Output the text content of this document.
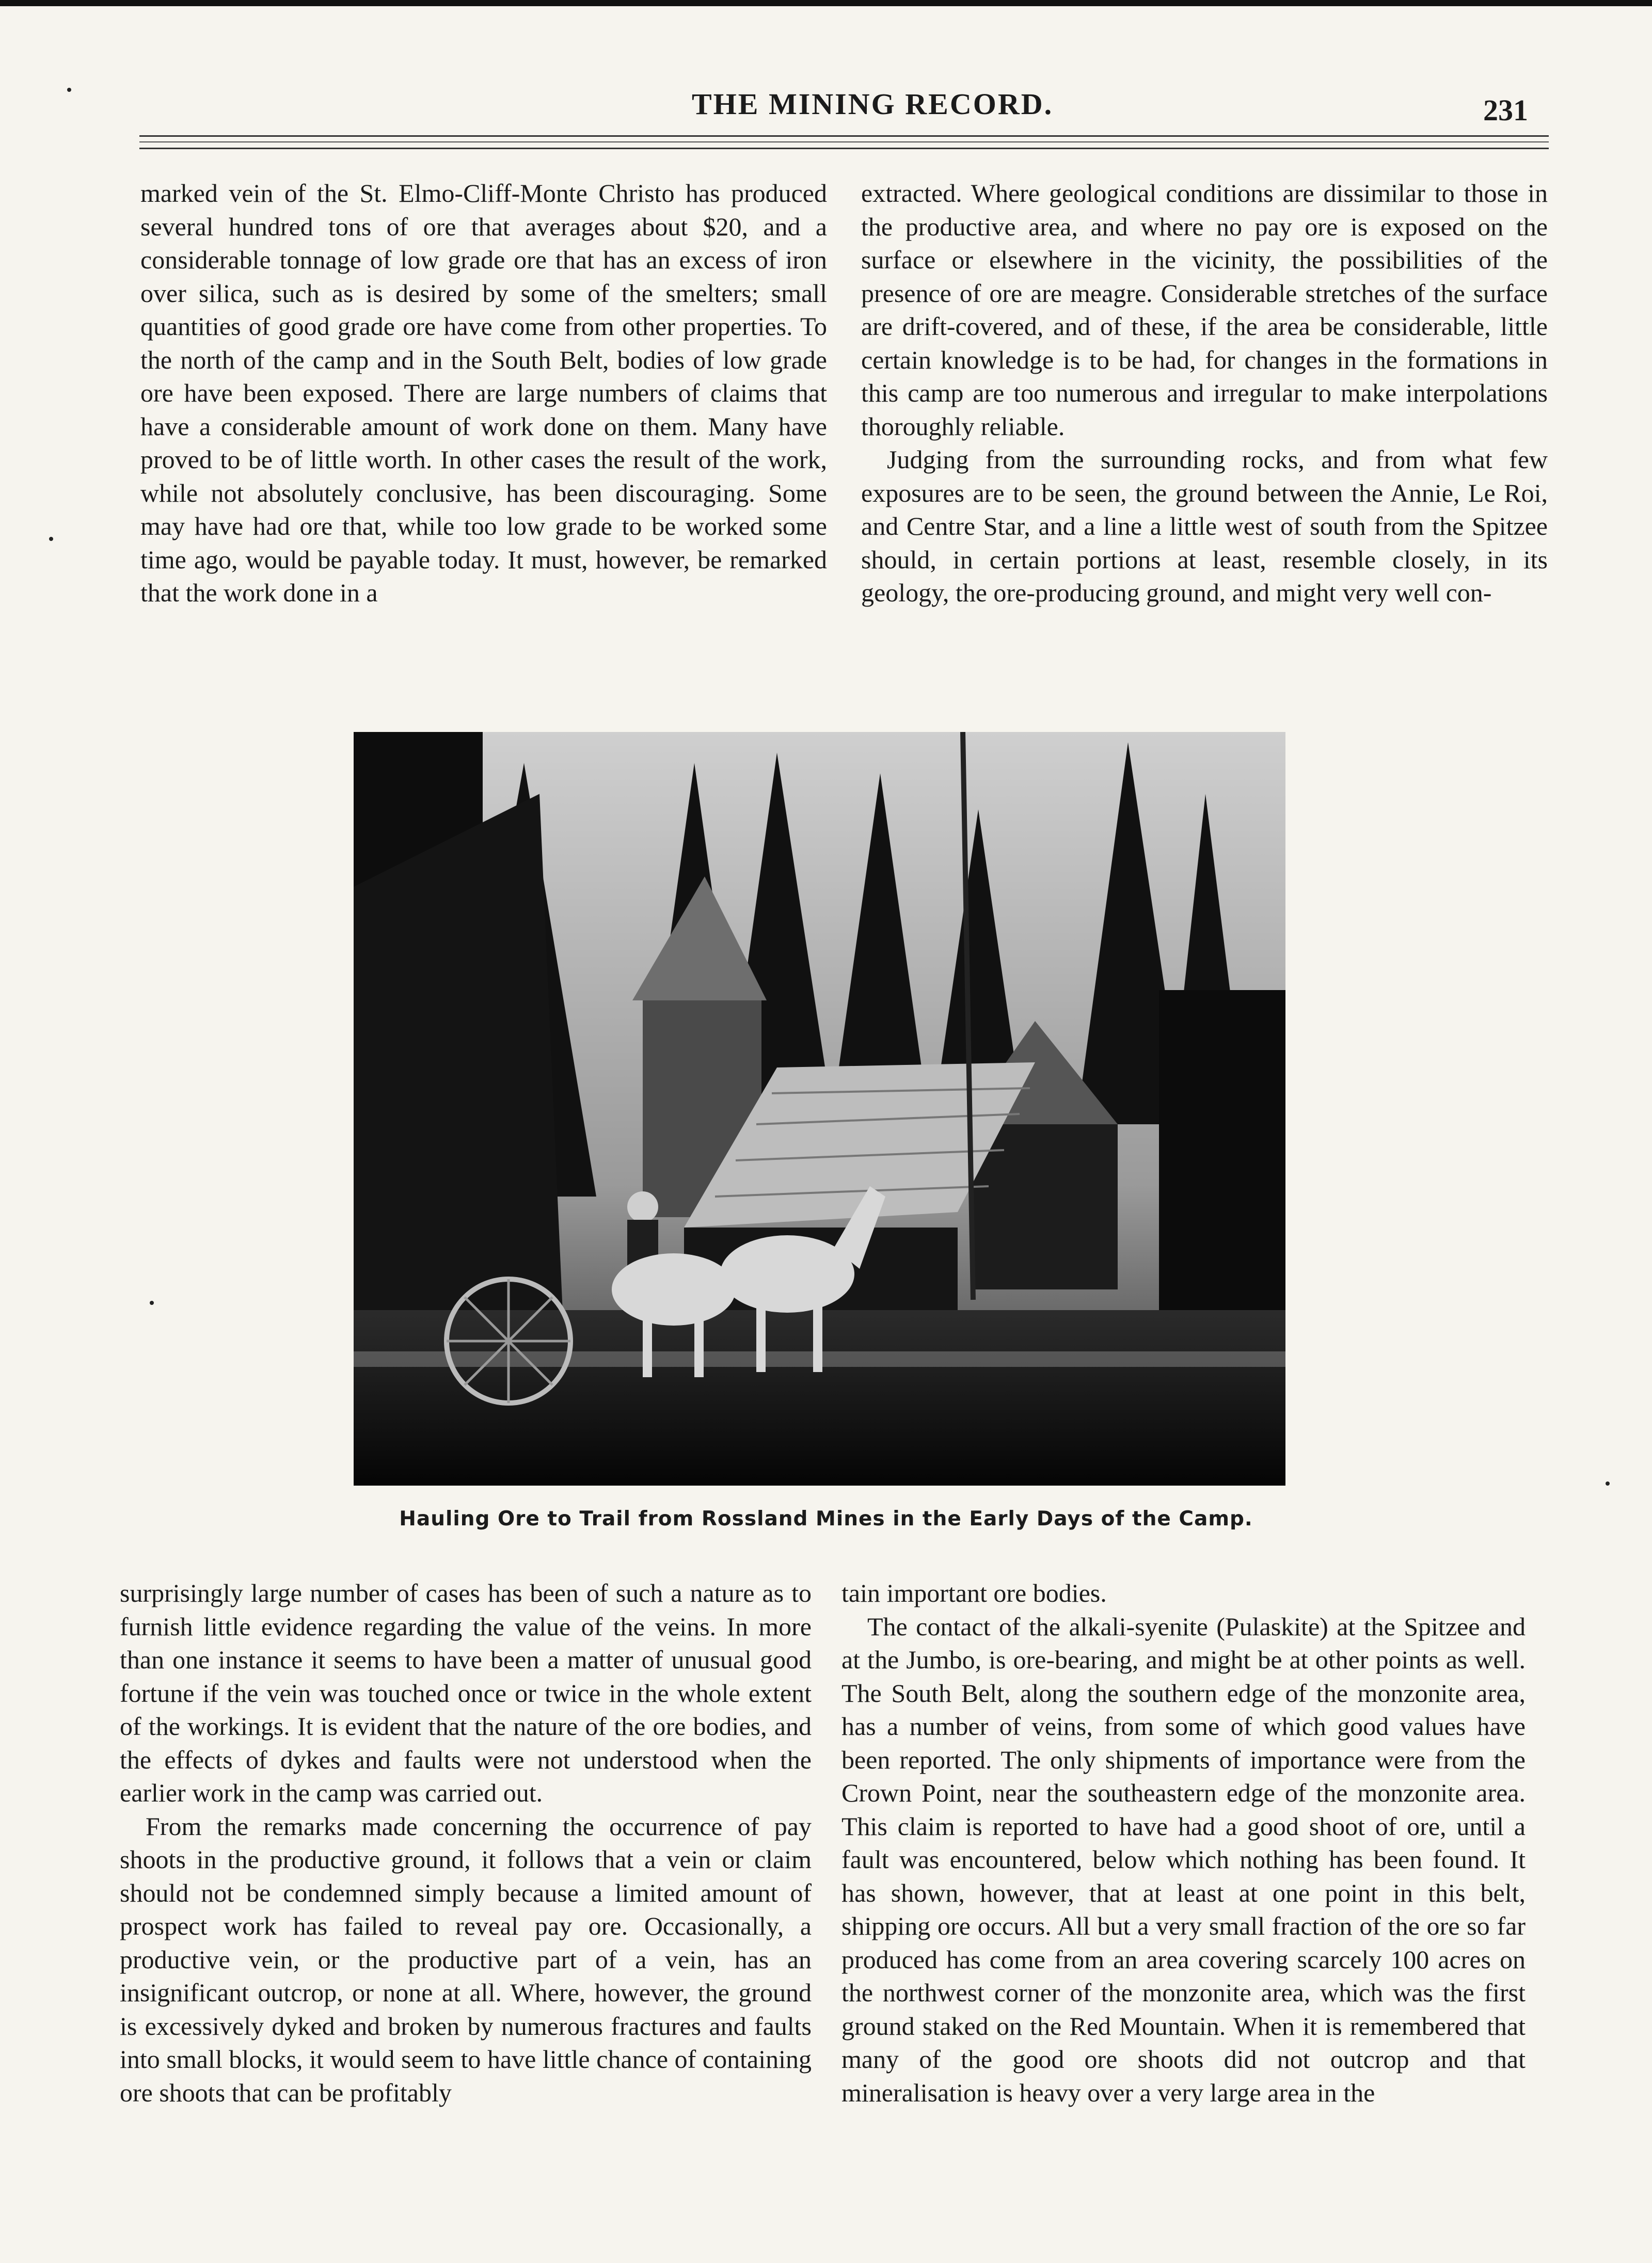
THE MINING RECORD.	231

marked vein of the St. Elmo-Cliff-Monte Christo has produced several hundred tons of ore that averages about $20, and a considerable tonnage of low grade ore that has an excess of iron over silica, such as is desired by some of the smelters; small quantities of good grade ore have come from other properties. To the north of the camp and in the South Belt, bodies of low grade ore have been exposed. There are large numbers of claims that have a considerable amount of work done on them. Many have proved to be of little worth. In other cases the result of the work, while not absolutely conclusive, has been discouraging. Some may have had ore that, while too low grade to be worked some time ago, would be payable today. It must, however, be remarked that the work done in a

extracted. Where geological conditions are dissimilar to those in the productive area, and where no pay ore is exposed on the surface or elsewhere in the vicinity, the possibilities of the presence of ore are meagre. Considerable stretches of the surface are drift-covered, and of these, if the area be considerable, little certain knowledge is to be had, for changes in the formations in this camp are too numerous and irregular to make interpolations thoroughly reliable.

Judging from the surrounding rocks, and from what few exposures are to be seen, the ground between the Annie, Le Roi, and Centre Star, and a line a little west of south from the Spitzee should, in certain portions at least, resemble closely, in its geology, the ore-producing ground, and might very well con-

Hauling Ore to Trail from Rossland Mines in the Early Days of the Camp.

surprisingly large number of cases has been of such a nature as to furnish little evidence regarding the value of the veins. In more than one instance it seems to have been a matter of unusual good fortune if the vein was touched once or twice in the whole extent of the workings. It is evident that the nature of the ore bodies, and the effects of dykes and faults were not understood when the earlier work in the camp was carried out.

From the remarks made concerning the occurrence of pay shoots in the productive ground, it follows that a vein or claim should not be condemned simply because a limited amount of prospect work has failed to reveal pay ore. Occasionally, a productive vein, or the productive part of a vein, has an insignificant outcrop, or none at all. Where, however, the ground is excessively dyked and broken by numerous fractures and faults into small blocks, it would seem to have little chance of containing ore shoots that can be profitably

tain important ore bodies.

The contact of the alkali-syenite (Pulaskite) at the Spitzee and at the Jumbo, is ore-bearing, and might be at other points as well. The South Belt, along the southern edge of the monzonite area, has a number of veins, from some of which good values have been reported. The only shipments of importance were from the Crown Point, near the southeastern edge of the monzonite area. This claim is reported to have had a good shoot of ore, until a fault was encountered, below which nothing has been found. It has shown, however, that at least at one point in this belt, shipping ore occurs. All but a very small fraction of the ore so far produced has come from an area covering scarcely 100 acres on the northwest corner of the monzonite area, which was the first ground staked on the Red Mountain. When it is remembered that many of the good ore shoots did not outcrop and that mineralisation is heavy over a very large area in the
